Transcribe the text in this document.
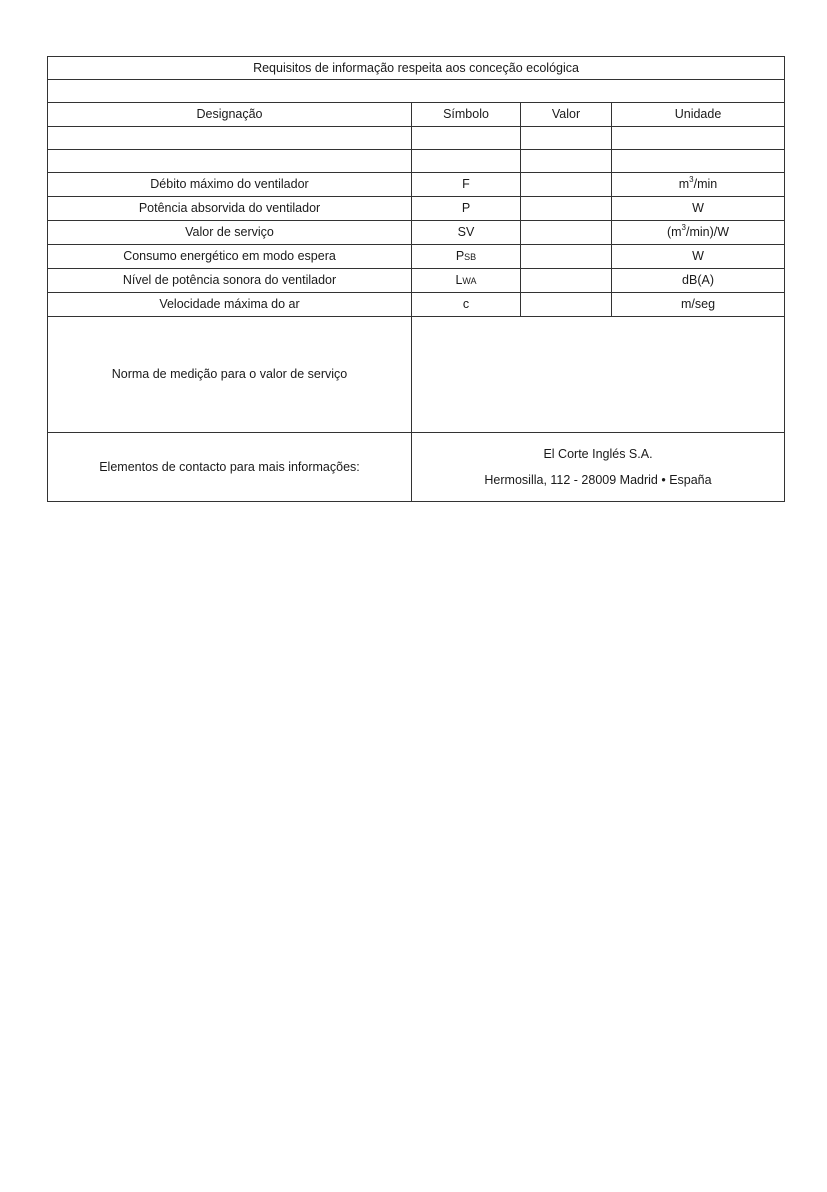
Requisitos de informação respeita aos conceção ecológica			

Designação	Símbolo	Valor	Unidade

Débito máximo do ventilador	F		$m^3/\min$
Potência absorvida do ventilador	P		W
Valor de serviço	SV		$(m^3/\min)/W$
Consumo energético em modo espera	PSB		W
Nível de potência sonora do ventilador	LWA		dB(A)
Velocidade máxima do ar	c		m/seg
Norma de medição para o valor de serviço			
Elementos de contacto para mais informações:	El Corte Inglés S.A.
Hermosilla, 112 - 28009 Madrid • España		
